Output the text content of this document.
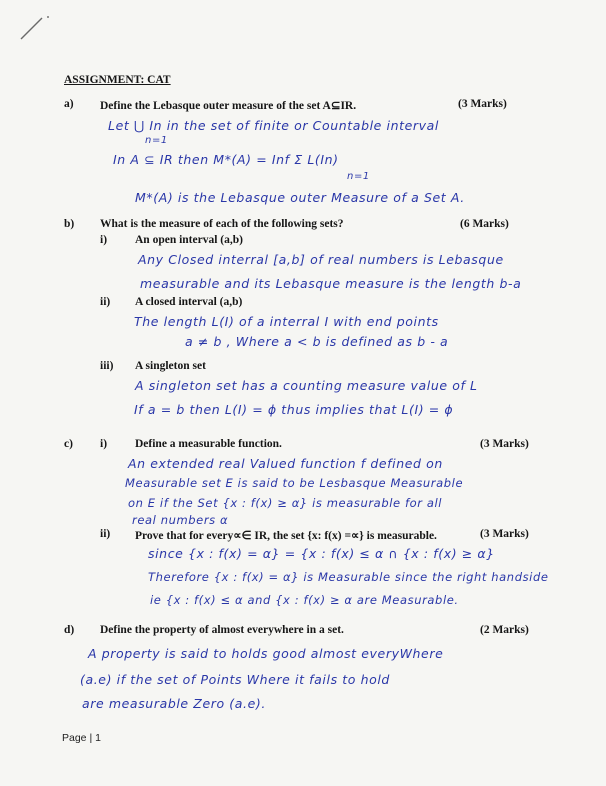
ASSIGNMENT: CAT
a) Define the Lebasque outer measure of the set A⊆IR.	(3 Marks)
Let ⋃ In in the set of finite or Countable interval
n=1
In A ⊆ IR then M*(A) = Inf Σ L(In)
n=1
M*(A) is the Lebasque outer Measure of a Set A.
b) What is the measure of each of the following sets?	(6 Marks)
i) An open interval (a,b)
Any Closed interral [a,b] of real numbers is Lebasque
measurable and its Lebasque measure is the length b-a
ii) A closed interval (a,b)
The length L(I) of a interral I with end points
a ≠ b , Where a < b is defined as b - a
iii) A singleton set
A singleton set has a counting measure value of L
If a = b then L(I) = ϕ thus implies that L(I) = ϕ
c) i) Define a measurable function.	(3 Marks)
An extended real Valued function f defined on
Measurable set E is said to be Lesbasque Measurable
on E if the Set {x : f(x) ≥ α} is measurable for all
real numbers α
ii) Prove that for every∝∈ IR, the set {x: f(x) =∝} is measurable.	(3 Marks)
since {x : f(x) = α} = {x : f(x) ≤ α ∩ {x : f(x) ≥ α}
Therefore {x : f(x) = α} is Measurable since the right handside
ie {x : f(x) ≤ α and {x : f(x) ≥ α are Measurable.
d) Define the property of almost everywhere in a set.	(2 Marks)
A property is said to holds good almost everyWhere
(a.e) if the set of Points Where it fails to hold
are measurable Zero (a.e).
Page | 1
